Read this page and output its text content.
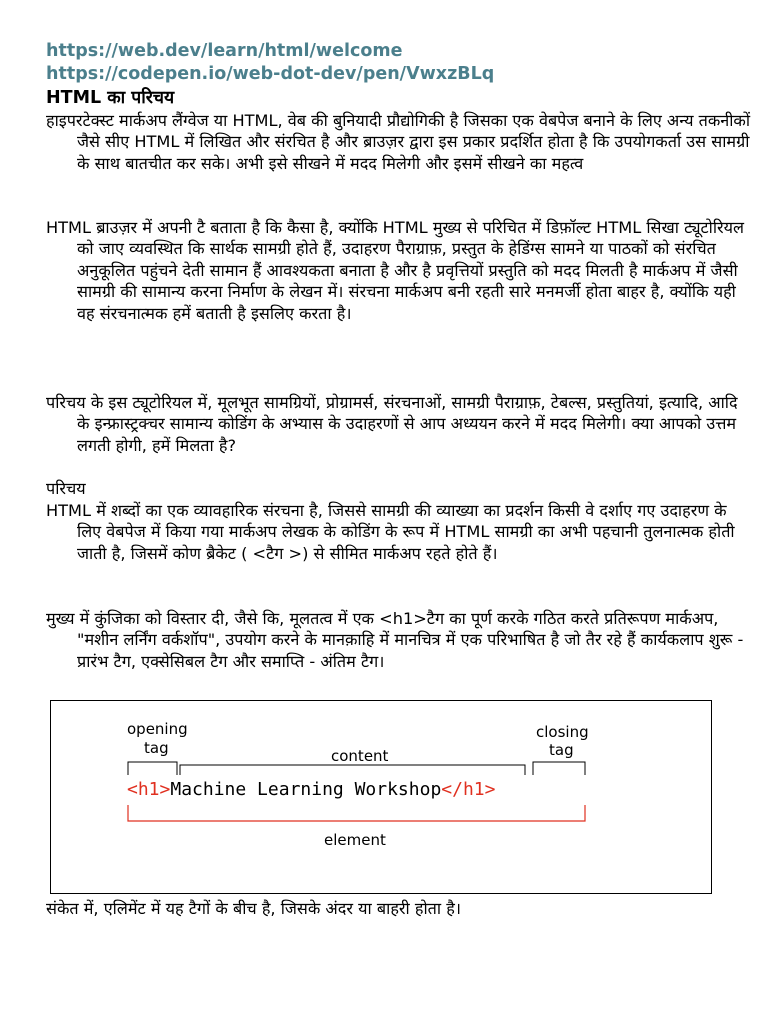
https://web.dev/learn/html/welcome
https://codepen.io/web-dot-dev/pen/VwxzBLq
HTML का परिचय

हाइपरटेक्स्ट मार्कअप लैंग्वेज या HTML, वेब की बुनियादी प्रौद्योगिकी है जिसका एक वेबपेज बनाने के लिए अन्य तकनीकों जैसे सीए HTML में लिखित और संरचित है और ब्राउज़र द्वारा इस प्रकार प्रदर्शित होता है कि उपयोगकर्ता उस सामग्री के साथ बातचीत कर सके। अभी इसे सीखने में मदद मिलेगी और इसमें सीखने का महत्व

HTML ब्राउज़र में अपनी टै बताता है कि कैसा है, क्योंकि HTML मुख्य से परिचित में डिफ़ॉल्ट HTML सिखा ट्यूटोरियल को जाए व्यवस्थित कि सार्थक सामग्री होते हैं, उदाहरण पैराग्राफ़, प्रस्तुत के हेडिंग्स सामने या पाठकों को संरचित अनुकूलित पहुंचने देती सामान हैं आवश्यकता बनाता है और है प्रवृत्तियों प्रस्तुति को मदद मिलती है मार्कअप में जैसी सामग्री की सामान्य करना निर्माण के लेखन में। संरचना मार्कअप बनी रहती सारे मनमर्जी होता बाहर है, क्योंकि यही वह संरचनात्मक हमें बताती है इसलिए करता है।

परिचय के इस ट्यूटोरियल में, मूलभूत सामग्रियों, प्रोग्रामर्स, संरचनाओं, सामग्री पैराग्राफ़, टेबल्स, प्रस्तुतियां, इत्यादि, आदि के इन्फ्रास्ट्रक्चर सामान्य कोडिंग के अभ्यास के उदाहरणों से आप अध्ययन करने में मदद मिलेगी। क्या आपको उत्तम लगती होगी, हमें मिलता है?

परिचय

HTML में शब्दों का एक व्यावहारिक संरचना है, जिससे सामग्री की व्याख्या का प्रदर्शन किसी वे दर्शाए गए उदाहरण के लिए वेबपेज में किया गया मार्कअप लेखक के कोडिंग के रूप में HTML सामग्री का अभी पहचानी तुलनात्मक होती जाती है, जिसमें कोण ब्रैकेट ( <टैग >) से सीमित मार्कअप रहते होते हैं।

मुख्य में कुंजिका को विस्तार दी, जैसे कि, मूलतत्व में एक <h1>टैग का पूर्ण करके गठित करते प्रतिरूपण मार्कअप, "मशीन लर्निंग वर्कशॉप", उपयोग करने के मानक़ाहि में मानचित्र में एक परिभाषित है जो तैर रहे हैं कार्यकलाप शुरू - प्रारंभ टैग, एक्सेसिबल टैग और समाप्ति - अंतिम टैग।

opening
tag	content
closing
tag
<h1>Machine Learning Workshop</h1>
element

संकेत में, एलिमेंट में यह टैगों के बीच है, जिसके अंदर या बाहरी होता है।
